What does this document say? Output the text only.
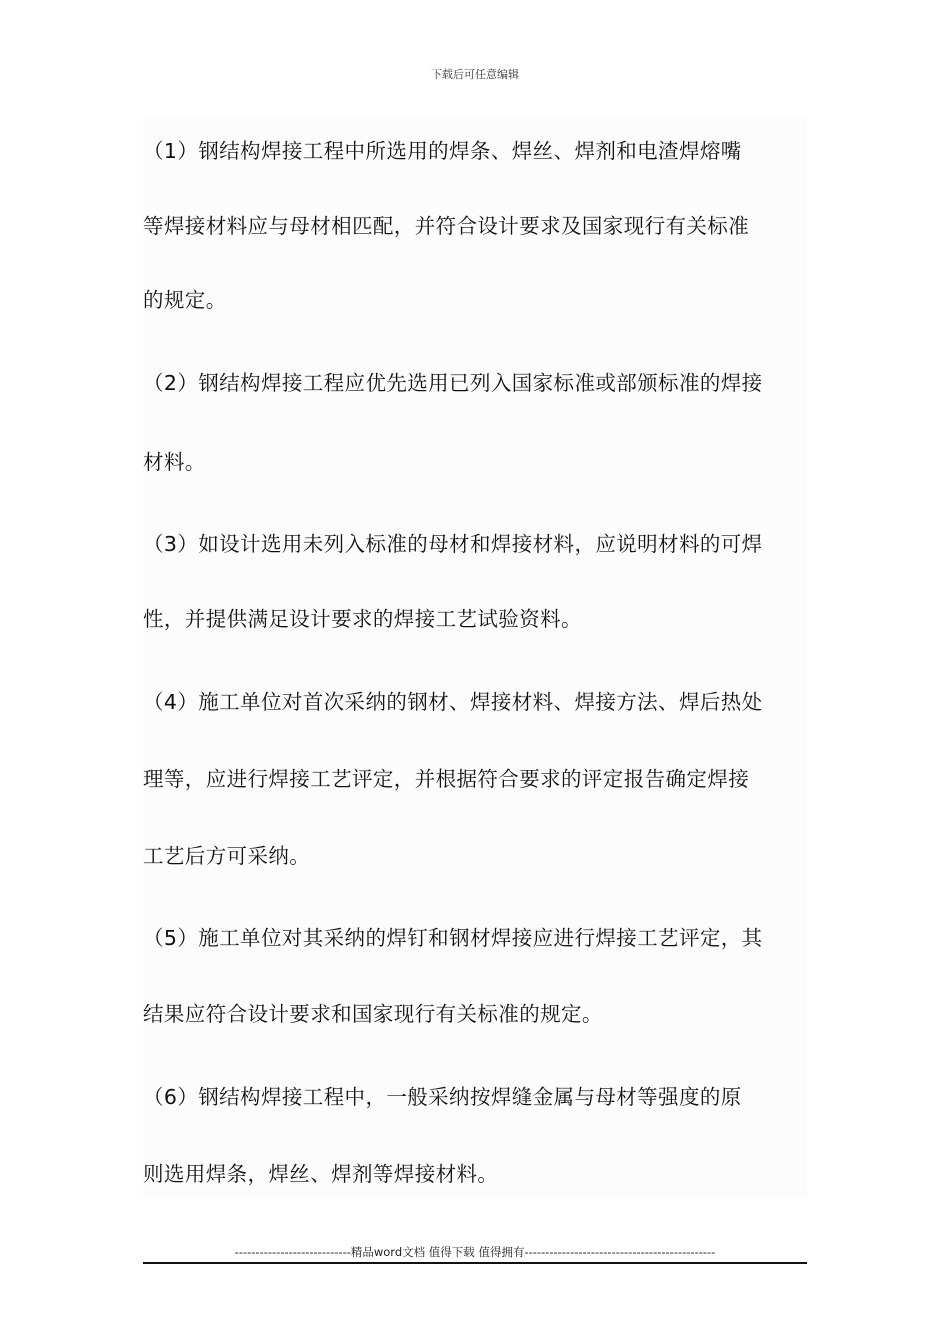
下载后可任意编辑
（1）钢结构焊接工程中所选用的焊条、焊丝、焊剂和电渣焊熔嘴
等焊接材料应与母材相匹配，并符合设计要求及国家现行有关标准
的规定。
（2）钢结构焊接工程应优先选用已列入国家标准或部颁标准的焊接
材料。
（3）如设计选用未列入标准的母材和焊接材料，应说明材料的可焊
性，并提供满足设计要求的焊接工艺试验资料。
（4）施工单位对首次采纳的钢材、焊接材料、焊接方法、焊后热处
理等，应进行焊接工艺评定，并根据符合要求的评定报告确定焊接
工艺后方可采纳。
（5）施工单位对其采纳的焊钉和钢材焊接应进行焊接工艺评定，其
结果应符合设计要求和国家现行有关标准的规定。
（6）钢结构焊接工程中，一般采纳按焊缝金属与母材等强度的原
则选用焊条，焊丝、焊剂等焊接材料。
----------------------------精品word文档 值得下载 值得拥有----------------------------------------------
